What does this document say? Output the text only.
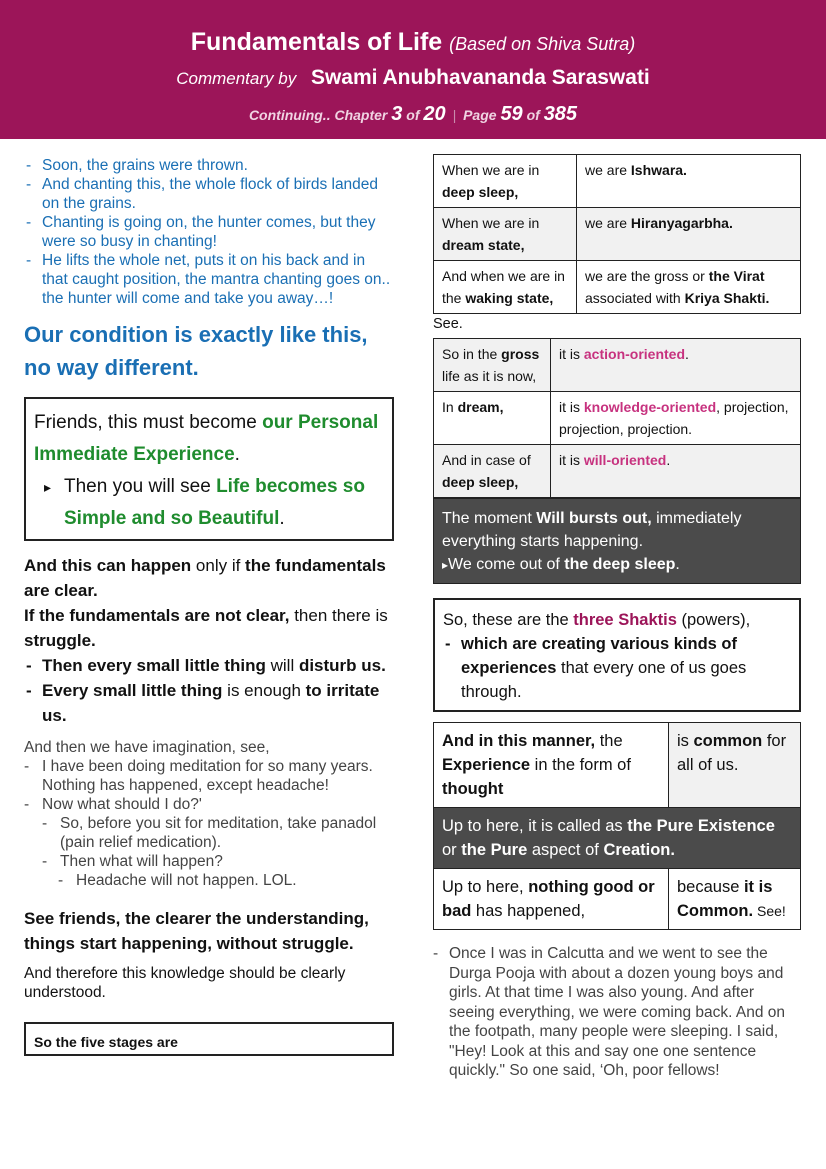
Fundamentals of Life (Based on Shiva Sutra)
Commentary by Swami Anubhavananda Saraswati
Continuing.. Chapter 3 of 20 | Page 59 of 385
- Soon, the grains were thrown.
- And chanting this, the whole flock of birds landed on the grains.
- Chanting is going on, the hunter comes, but they were so busy in chanting!
- He lifts the whole net, puts it on his back and in that caught position, the mantra chanting goes on.. the hunter will come and take you away…!
Our condition is exactly like this, no way different.
Friends, this must become our Personal Immediate Experience.
▸ Then you will see Life becomes so Simple and so Beautiful.
And this can happen only if the fundamentals are clear.
If the fundamentals are not clear, then there is struggle.
- Then every small little thing will disturb us.
- Every small little thing is enough to irritate us.
And then we have imagination, see,
- I have been doing meditation for so many years. Nothing has happened, except headache!
- Now what should I do?'
- So, before you sit for meditation, take panadol (pain relief medication).
- Then what will happen?
- Headache will not happen. LOL.
See friends, the clearer the understanding, things start happening, without struggle.
And therefore this knowledge should be clearly understood.
So the five stages are
When we are in deep sleep,	we are Ishwara.
When we are in dream state,	we are Hiranyagarbha.
And when we are in the waking state,	we are the gross or the Virat associated with Kriya Shakti.
See.
So in the gross life as it is now,	it is action-oriented.
In dream,	it is knowledge-oriented, projection, projection, projection.
And in case of deep sleep,	it is will-oriented.
The moment Will bursts out, immediately everything starts happening.
▸We come out of the deep sleep.
So, these are the three Shaktis (powers),
- which are creating various kinds of experiences that every one of us goes through.
And in this manner, the Experience in the form of thought	is common for all of us.
Up to here, it is called as the Pure Existence or the Pure aspect of Creation.	
Up to here, nothing good or bad has happened,	because it is Common. See!
- Once I was in Calcutta and we went to see the Durga Pooja with about a dozen young boys and girls. At that time I was also young. And after seeing everything, we were coming back. And on the footpath, many people were sleeping. I said, "Hey! Look at this and say one one sentence quickly." So one said, ‘Oh, poor fellows!
